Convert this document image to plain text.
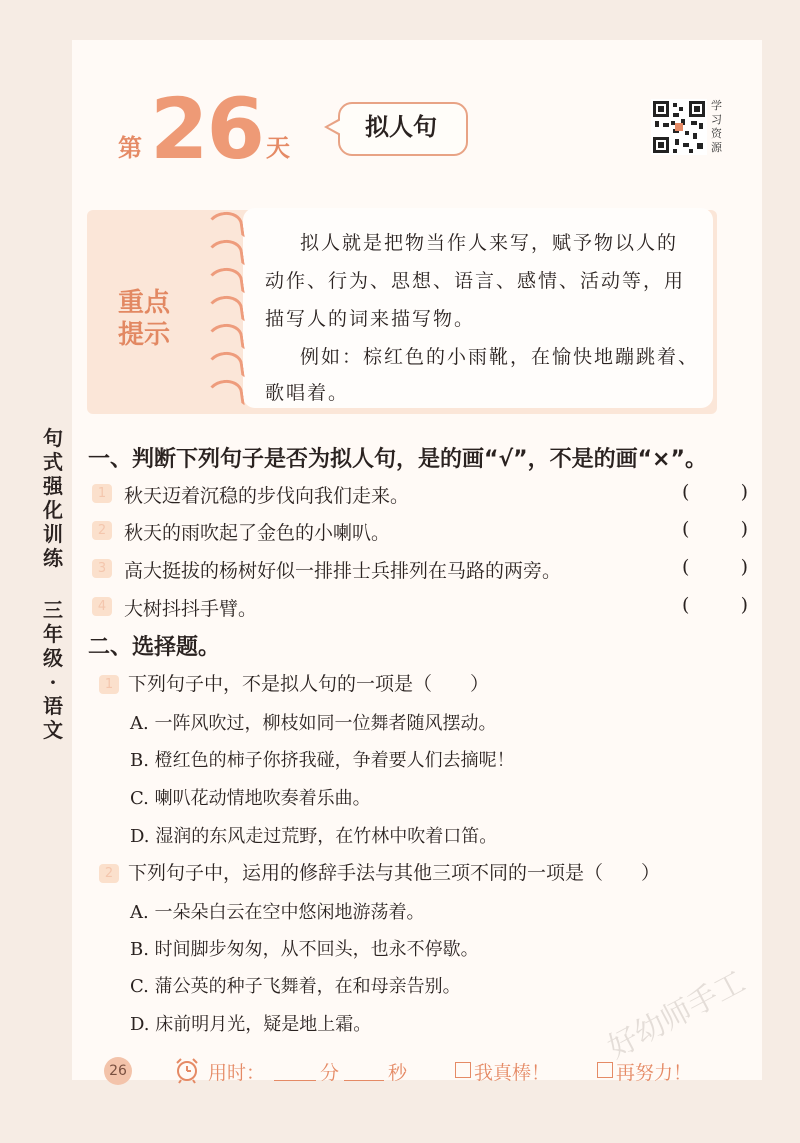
第 26 天
拟人句
学习资源
重点
提示
拟人就是把物当作人来写，赋予物以人的
动作、行为、思想、语言、感情、活动等，用
描写人的词来描写物。
例如：棕红色的小雨靴，在愉快地蹦跳着、
歌唱着。
句式强化训练
三年级·语文
一、判断下列句子是否为拟人句，是的画“√”，不是的画“×”。
1 秋天迈着沉稳的步伐向我们走来。	(	)
2 秋天的雨吹起了金色的小喇叭。	(	)
3 高大挺拔的杨树好似一排排士兵排列在马路的两旁。	(	)
4 大树抖抖手臂。	(	)
二、选择题。
1 下列句子中，不是拟人句的一项是（　　）
A. 一阵风吹过，柳枝如同一位舞者随风摆动。
B. 橙红色的柿子你挤我碰，争着要人们去摘呢！
C. 喇叭花动情地吹奏着乐曲。
D. 湿润的东风走过荒野，在竹林中吹着口笛。
2 下列句子中，运用的修辞手法与其他三项不同的一项是（　　）
A. 一朵朵白云在空中悠闲地游荡着。
B. 时间脚步匆匆，从不回头，也永不停歇。
C. 蒲公英的种子飞舞着，在和母亲告别。
D. 床前明月光，疑是地上霜。	好幼师手工
26	用时：	分	秒	我真棒！	再努力！
